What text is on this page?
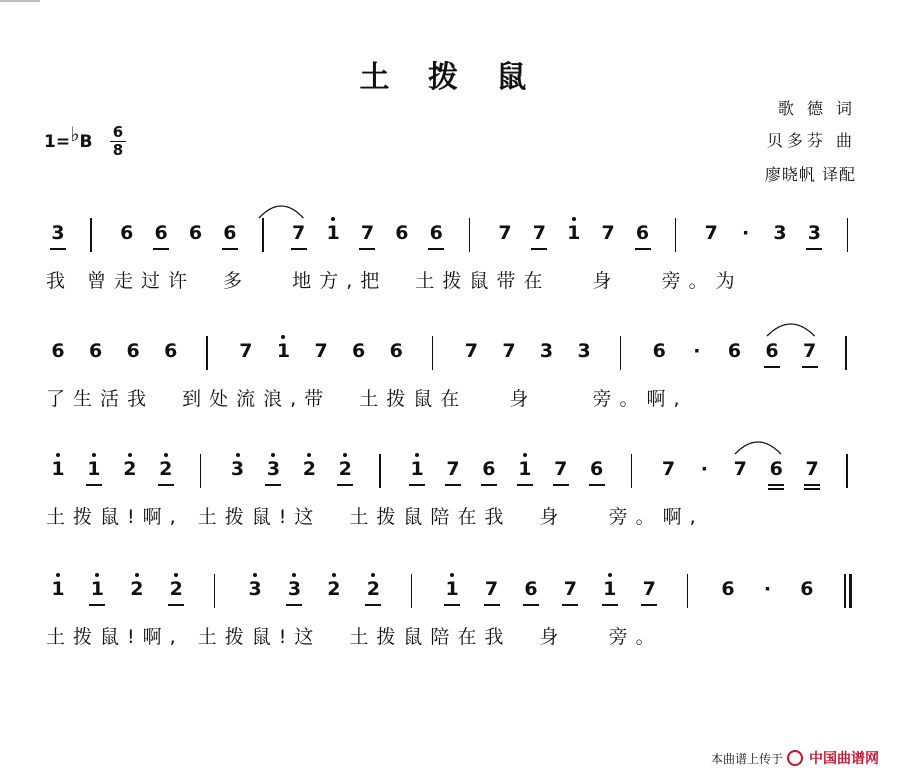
土 拨 鼠
歌 德 词
贝多芬 曲
廖晓帆 译配
1=♭B $\frac{6}{8}$
3	6 6 6 6	7 1 7 6 6	7 7 1 7 6	7	·	3 3
我 曾走过许  多   地方,把  土拨鼠带在   身   旁。为
6 6 6 6	7 1 7 6 6	7 7 3 3	6	·	6 6 7
了生活我  到处流浪,带  土拨鼠在   身    旁。啊,
1 1 2 2	3 3 2 2	1 7 6 1 7 6	7	·	7 6 7
土拨鼠!啊, 土拨鼠!这  土拨鼠陪在我  身   旁。啊,
1 1 2 2	3 3 2 2	1 7 6 7 1 7	6	·	6
土拨鼠!啊, 土拨鼠!这  土拨鼠陪在我  身   旁。
本曲谱上传于 中国曲谱网
